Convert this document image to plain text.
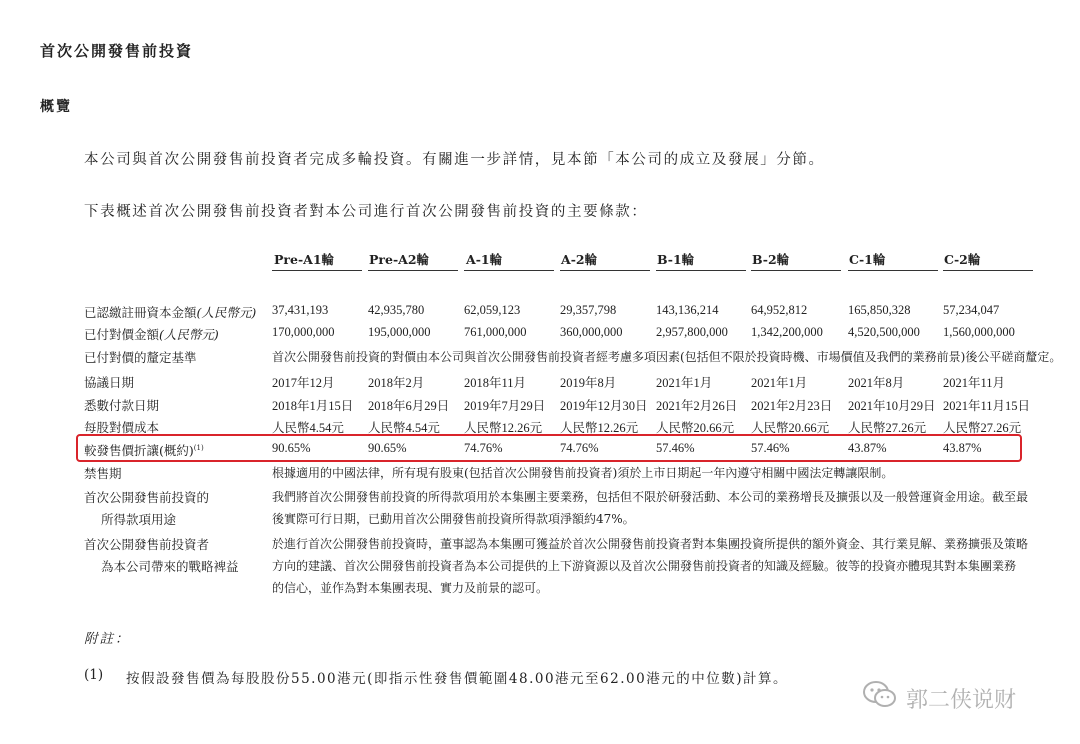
首次公開發售前投資
概覽
本公司與首次公開發售前投資者完成多輪投資。有關進一步詳情，見本節「本公司的成立及發展」分節。
下表概述首次公開發售前投資者對本公司進行首次公開發售前投資的主要條款：
Pre-A1輪	Pre-A2輪	A-1輪	A-2輪	B-1輪	B-2輪	C-1輪	C-2輪
已認繳註冊資本金額(人民幣元) 37,431,193	42,935,780	62,059,123	29,357,798	143,136,214	64,952,812	165,850,328	57,234,047
已付對價金額(人民幣元)	170,000,000	195,000,000	761,000,000	360,000,000	2,957,800,000 1,342,200,000 4,520,500,000 1,560,000,000
已付對價的釐定基準	首次公開發售前投資的對價由本公司與首次公開發售前投資者經考慮多項因素(包括但不限於投資時機、市場價值及我們的業務前景)後公平磋商釐定。
協議日期	2017年12月	2018年2月	2018年11月	2019年8月	2021年1月	2021年1月	2021年8月	2021年11月
悉數付款日期	2018年1月15日 2018年6月29日 2019年7月29日 2019年12月30日 2021年2月26日 2021年2月23日 2021年10月29日 2021年11月15日
每股對價成本	人民幣4.54元 人民幣4.54元 人民幣12.26元 人民幣12.26元 人民幣20.66元 人民幣20.66元 人民幣27.26元 人民幣27.26元
較發售價折讓(概約)$^{(1)}$	90.65%	90.65%	74.76%	74.76%	57.46%	57.46%	43.87%	43.87%
禁售期	根據適用的中國法律，所有現有股東(包括首次公開發售前投資者)須於上市日期起一年內遵守相關中國法定轉讓限制。
首次公開發售前投資的
所得款項用途
我們將首次公開發售前投資的所得款項用於本集團主要業務，包括但不限於研發活動、本公司的業務增長及擴張以及一般營運資金用途。截至最
後實際可行日期，已動用首次公開發售前投資所得款項淨額約47%。
首次公開發售前投資者
為本公司帶來的戰略裨益
於進行首次公開發售前投資時，董事認為本集團可獲益於首次公開發售前投資者對本集團投資所提供的額外資金、其行業見解、業務擴張及策略
方向的建議、首次公開發售前投資者為本公司提供的上下游資源以及首次公開發售前投資者的知識及經驗。彼等的投資亦體現其對本集團業務
的信心，並作為對本集團表現、實力及前景的認可。
附註：
(1) 按假設發售價為每股股份55.00港元(即指示性發售價範圍48.00港元至62.00港元的中位數)計算。
郭二侠说财
